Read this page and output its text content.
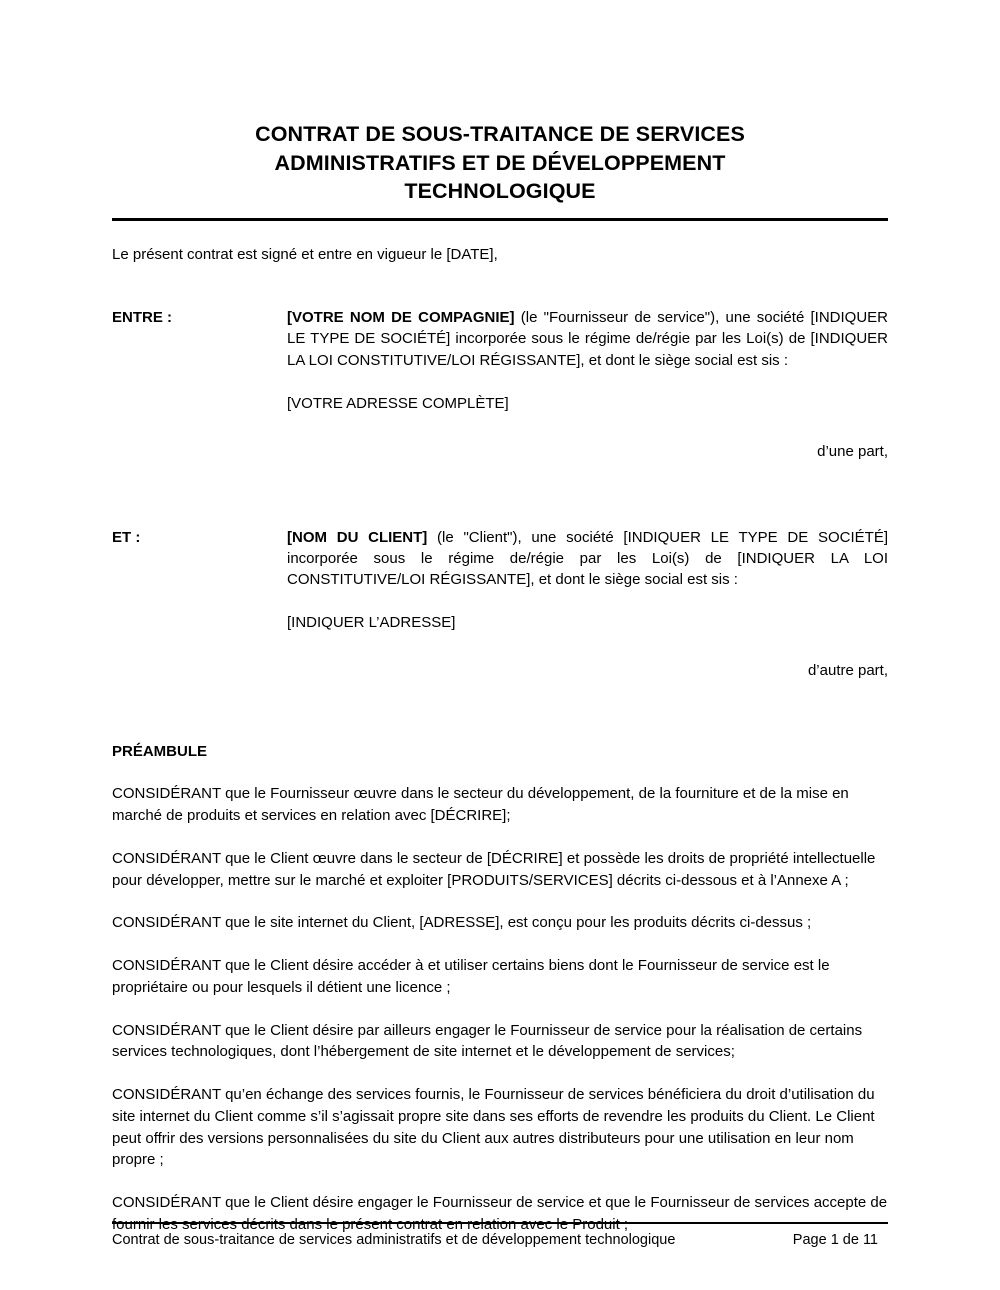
CONTRAT DE SOUS-TRAITANCE DE SERVICES
ADMINISTRATIFS ET DE DÉVELOPPEMENT
TECHNOLOGIQUE

Le présent contrat est signé et entre en vigueur le [DATE],

ENTRE :	[VOTRE NOM DE COMPAGNIE] (le "Fournisseur de service"), une société [INDIQUER LE TYPE DE SOCIÉTÉ] incorporée sous le régime de/régie par les Loi(s) de [INDIQUER LA LOI CONSTITUTIVE/LOI RÉGISSANTE], et dont le siège social est sis :
[VOTRE ADRESSE COMPLÈTE]
d’une part,
ET :	[NOM DU CLIENT] (le "Client"), une société [INDIQUER LE TYPE DE SOCIÉTÉ] incorporée sous le régime de/régie par les Loi(s) de [INDIQUER LA LOI CONSTITUTIVE/LOI RÉGISSANTE], et dont le siège social est sis :
[INDIQUER L’ADRESSE]
d’autre part,
PRÉAMBULE

CONSIDÉRANT que le Fournisseur œuvre dans le secteur du développement, de la fourniture et de la mise en marché de produits et services en relation avec [DÉCRIRE];

CONSIDÉRANT que le Client œuvre dans le secteur de [DÉCRIRE] et possède les droits de propriété intellectuelle pour développer, mettre sur le marché et exploiter [PRODUITS/SERVICES] décrits ci-dessous et à l’Annexe A ;

CONSIDÉRANT que le site internet du Client, [ADRESSE], est conçu pour les produits décrits ci-dessus ;

CONSIDÉRANT que le Client désire accéder à et utiliser certains biens dont le Fournisseur de service est le propriétaire ou pour lesquels il détient une licence ;

CONSIDÉRANT que le Client désire par ailleurs engager le Fournisseur de service pour la réalisation de certains services technologiques, dont l’hébergement de site internet et le développement de services;

CONSIDÉRANT qu’en échange des services fournis, le Fournisseur de services bénéficiera du droit d’utilisation du site internet du Client comme s’il s’agissait propre site dans ses efforts de revendre les produits du Client. Le Client peut offrir des versions personnalisées du site du Client aux autres distributeurs pour une utilisation en leur nom propre ;

CONSIDÉRANT que le Client désire engager le Fournisseur de service et que le Fournisseur de services accepte de fournir les services décrits dans le présent contrat en relation avec le Produit ;

Contrat de sous-traitance de services administratifs et de développement technologique	Page 1 de 11
